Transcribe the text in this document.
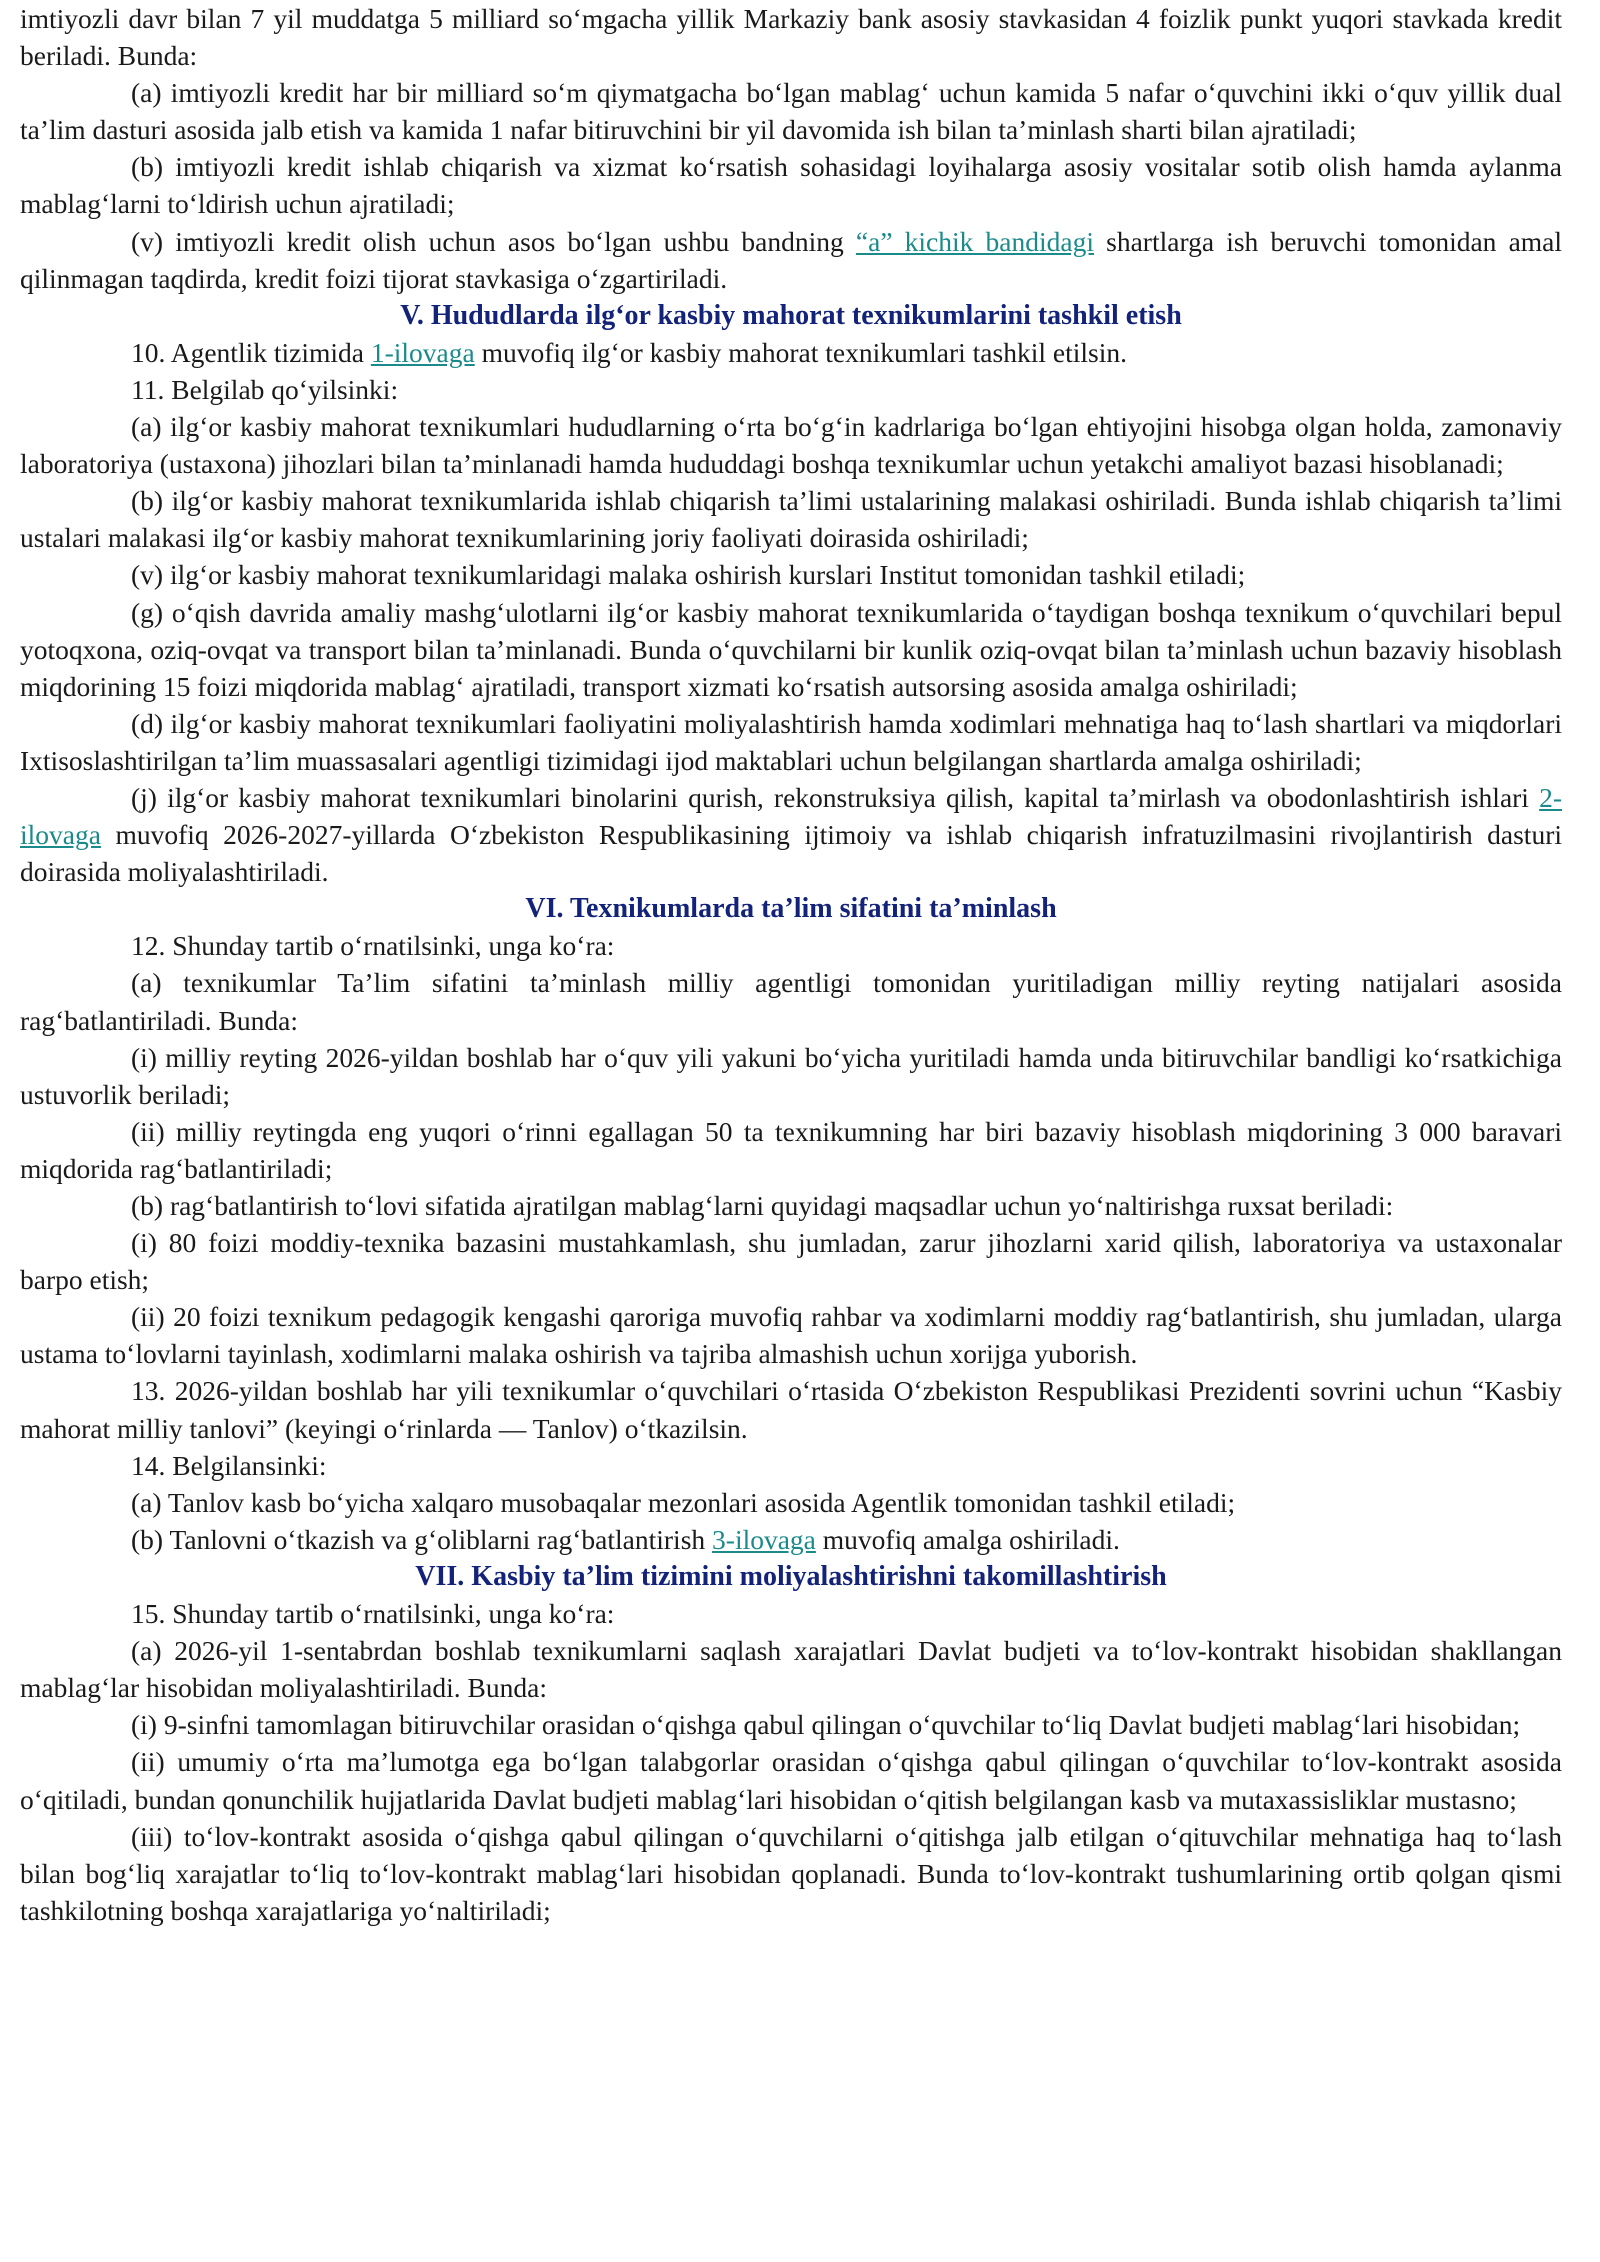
imtiyozli davr bilan 7 yil muddatga 5 milliard so‘mgacha yillik Markaziy bank asosiy stavkasidan 4 foizlik punkt yuqori stavkada kredit beriladi. Bunda:

(a) imtiyozli kredit har bir milliard so‘m qiymatgacha bo‘lgan mablag‘ uchun kamida 5 nafar o‘quvchini ikki o‘quv yillik dual ta’lim dasturi asosida jalb etish va kamida 1 nafar bitiruvchini bir yil davomida ish bilan ta’minlash sharti bilan ajratiladi;

(b) imtiyozli kredit ishlab chiqarish va xizmat ko‘rsatish sohasidagi loyihalarga asosiy vositalar sotib olish hamda aylanma mablag‘larni to‘ldirish uchun ajratiladi;

(v) imtiyozli kredit olish uchun asos bo‘lgan ushbu bandning “a” kichik bandidagi shartlarga ish beruvchi tomonidan amal qilinmagan taqdirda, kredit foizi tijorat stavkasiga o‘zgartiriladi.

V. Hududlarda ilg‘or kasbiy mahorat texnikumlarini tashkil etish

10. Agentlik tizimida 1-ilovaga muvofiq ilg‘or kasbiy mahorat texnikumlari tashkil etilsin.

11. Belgilab qo‘yilsinki:

(a) ilg‘or kasbiy mahorat texnikumlari hududlarning o‘rta bo‘g‘in kadrlariga bo‘lgan ehtiyojini hisobga olgan holda, zamonaviy laboratoriya (ustaxona) jihozlari bilan ta’minlanadi hamda hududdagi boshqa texnikumlar uchun yetakchi amaliyot bazasi hisoblanadi;

(b) ilg‘or kasbiy mahorat texnikumlarida ishlab chiqarish ta’limi ustalarining malakasi oshiriladi. Bunda ishlab chiqarish ta’limi ustalari malakasi ilg‘or kasbiy mahorat texnikumlarining joriy faoliyati doirasida oshiriladi;

(v) ilg‘or kasbiy mahorat texnikumlaridagi malaka oshirish kurslari Institut tomonidan tashkil etiladi;

(g) o‘qish davrida amaliy mashg‘ulotlarni ilg‘or kasbiy mahorat texnikumlarida o‘taydigan boshqa texnikum o‘quvchilari bepul yotoqxona, oziq-ovqat va transport bilan ta’minlanadi. Bunda o‘quvchilarni bir kunlik oziq-ovqat bilan ta’minlash uchun bazaviy hisoblash miqdorining 15 foizi miqdorida mablag‘ ajratiladi, transport xizmati ko‘rsatish autsorsing asosida amalga oshiriladi;

(d) ilg‘or kasbiy mahorat texnikumlari faoliyatini moliyalashtirish hamda xodimlari mehnatiga haq to‘lash shartlari va miqdorlari Ixtisoslashtirilgan ta’lim muassasalari agentligi tizimidagi ijod maktablari uchun belgilangan shartlarda amalga oshiriladi;

(j) ilg‘or kasbiy mahorat texnikumlari binolarini qurish, rekonstruksiya qilish, kapital ta’mirlash va obodonlashtirish ishlari 2-ilovaga muvofiq 2026-2027-yillarda O‘zbekiston Respublikasining ijtimoiy va ishlab chiqarish infratuzilmasini rivojlantirish dasturi doirasida moliyalashtiriladi.

VI. Texnikumlarda ta’lim sifatini ta’minlash

12. Shunday tartib o‘rnatilsinki, unga ko‘ra:

(a) texnikumlar Ta’lim sifatini ta’minlash milliy agentligi tomonidan yuritiladigan milliy reyting natijalari asosida rag‘batlantiriladi. Bunda:

(i) milliy reyting 2026-yildan boshlab har o‘quv yili yakuni bo‘yicha yuritiladi hamda unda bitiruvchilar bandligi ko‘rsatkichiga ustuvorlik beriladi;

(ii) milliy reytingda eng yuqori o‘rinni egallagan 50 ta texnikumning har biri bazaviy hisoblash miqdorining 3 000 baravari miqdorida rag‘batlantiriladi;

(b) rag‘batlantirish to‘lovi sifatida ajratilgan mablag‘larni quyidagi maqsadlar uchun yo‘naltirishga ruxsat beriladi:

(i) 80 foizi moddiy-texnika bazasini mustahkamlash, shu jumladan, zarur jihozlarni xarid qilish, laboratoriya va ustaxonalar barpo etish;

(ii) 20 foizi texnikum pedagogik kengashi qaroriga muvofiq rahbar va xodimlarni moddiy rag‘batlantirish, shu jumladan, ularga ustama to‘lovlarni tayinlash, xodimlarni malaka oshirish va tajriba almashish uchun xorijga yuborish.

13. 2026-yildan boshlab har yili texnikumlar o‘quvchilari o‘rtasida O‘zbekiston Respublikasi Prezidenti sovrini uchun “Kasbiy mahorat milliy tanlovi” (keyingi o‘rinlarda — Tanlov) o‘tkazilsin.

14. Belgilansinki:

(a) Tanlov kasb bo‘yicha xalqaro musobaqalar mezonlari asosida Agentlik tomonidan tashkil etiladi;

(b) Tanlovni o‘tkazish va g‘oliblarni rag‘batlantirish 3-ilovaga muvofiq amalga oshiriladi.

VII. Kasbiy ta’lim tizimini moliyalashtirishni takomillashtirish

15. Shunday tartib o‘rnatilsinki, unga ko‘ra:

(a) 2026-yil 1-sentabrdan boshlab texnikumlarni saqlash xarajatlari Davlat budjeti va to‘lov-kontrakt hisobidan shakllangan mablag‘lar hisobidan moliyalashtiriladi. Bunda:

(i) 9-sinfni tamomlagan bitiruvchilar orasidan o‘qishga qabul qilingan o‘quvchilar to‘liq Davlat budjeti mablag‘lari hisobidan;

(ii) umumiy o‘rta ma’lumotga ega bo‘lgan talabgorlar orasidan o‘qishga qabul qilingan o‘quvchilar to‘lov-kontrakt asosida o‘qitiladi, bundan qonunchilik hujjatlarida Davlat budjeti mablag‘lari hisobidan o‘qitish belgilangan kasb va mutaxassisliklar mustasno;

(iii) to‘lov-kontrakt asosida o‘qishga qabul qilingan o‘quvchilarni o‘qitishga jalb etilgan o‘qituvchilar mehnatiga haq to‘lash bilan bog‘liq xarajatlar to‘liq to‘lov-kontrakt mablag‘lari hisobidan qoplanadi. Bunda to‘lov-kontrakt tushumlarining ortib qolgan qismi tashkilotning boshqa xarajatlariga yo‘naltiriladi;
